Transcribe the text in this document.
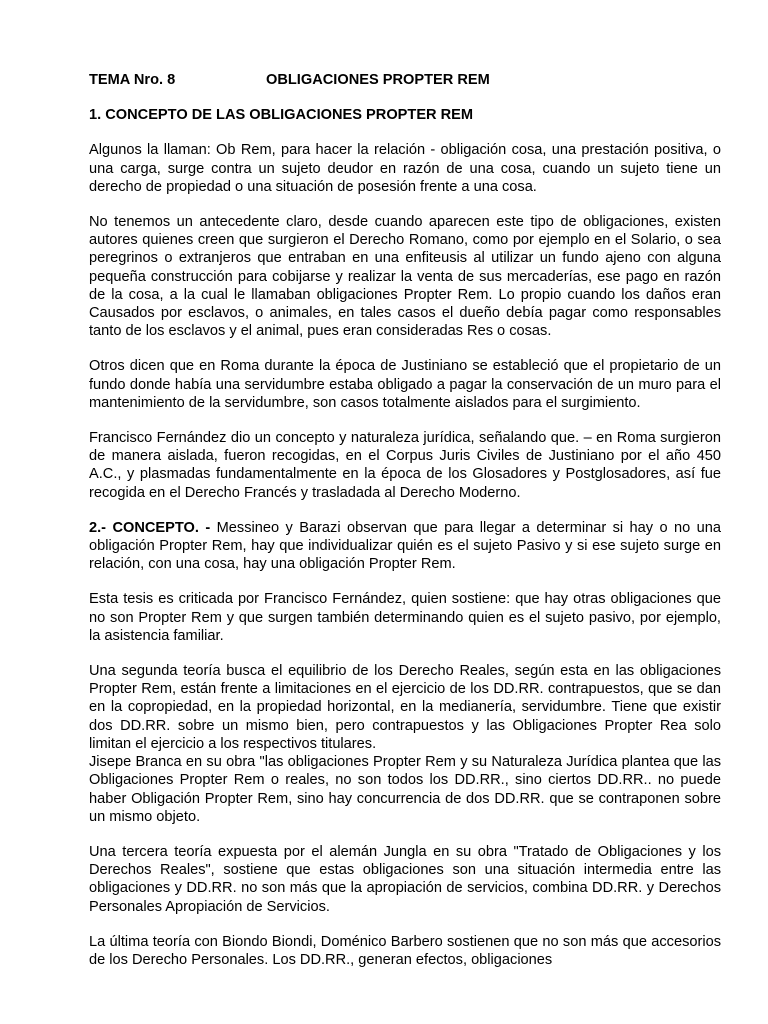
TEMA Nro. 8	OBLIGACIONES PROPTER REM
1. CONCEPTO DE LAS OBLIGACIONES PROPTER REM

Algunos la llaman: Ob Rem, para hacer la relación - obligación cosa, una prestación positiva, o una carga, surge contra un sujeto deudor en razón de una cosa, cuando un sujeto tiene un derecho de propiedad o una situación de posesión frente a una cosa.

No tenemos un antecedente claro, desde cuando aparecen este tipo de obligaciones, existen autores quienes creen que surgieron el Derecho Romano, como por ejemplo en el Solario, o sea peregrinos o extranjeros que entraban en una enfiteusis al utilizar un fundo ajeno con alguna pequeña construcción para cobijarse y realizar la venta de sus mercaderías, ese pago en razón de la cosa, a la cual le llamaban obligaciones Propter Rem. Lo propio cuando los daños eran Causados por esclavos, o animales, en tales casos el dueño debía pagar como responsables tanto de los esclavos y el animal, pues eran consideradas Res o cosas.

Otros dicen que en Roma durante la época de Justiniano se estableció que el propietario de un fundo donde había una servidumbre estaba obligado a pagar la conservación de un muro para el mantenimiento de la servidumbre, son casos totalmente aislados para el surgimiento.

Francisco Fernández dio un concepto y naturaleza jurídica, señalando que. – en Roma surgieron de manera aislada, fueron recogidas, en el Corpus Juris Civiles de Justiniano por el año 450 A.C., y plasmadas fundamentalmente en la época de los Glosadores y Postglosadores, así fue recogida en el Derecho Francés y trasladada al Derecho Moderno.

2.- CONCEPTO. - Messineo y Barazi observan que para llegar a determinar si hay o no una obligación Propter Rem, hay que individualizar quién es el sujeto Pasivo y si ese sujeto surge en relación, con una cosa, hay una obligación Propter Rem.

Esta tesis es criticada por Francisco Fernández, quien sostiene: que hay otras obligaciones que no son Propter Rem y que surgen también determinando quien es el sujeto pasivo, por ejemplo, la asistencia familiar.

Una segunda teoría busca el equilibrio de los Derecho Reales, según esta en las obligaciones Propter Rem, están frente a limitaciones en el ejercicio de los DD.RR. contrapuestos, que se dan en la copropiedad, en la propiedad horizontal, en la medianería, servidumbre. Tiene que existir dos DD.RR. sobre un mismo bien, pero contrapuestos y las Obligaciones Propter Rea solo limitan el ejercicio a los respectivos titulares.

Jisepe Branca en su obra "las obligaciones Propter Rem y su Naturaleza Jurídica plantea que las Obligaciones Propter Rem o reales, no son todos los DD.RR., sino ciertos DD.RR.. no puede haber Obligación Propter Rem, sino hay concurrencia de dos DD.RR. que se contraponen sobre un mismo objeto.

Una tercera teoría expuesta por el alemán Jungla en su obra "Tratado de Obligaciones y los Derechos Reales", sostiene que estas obligaciones son una situación intermedia entre las obligaciones y DD.RR. no son más que la apropiación de servicios, combina DD.RR. y Derechos Personales Apropiación de Servicios.

La última teoría con Biondo Biondi, Doménico Barbero sostienen que no son más que accesorios de los Derecho Personales. Los DD.RR., generan efectos, obligaciones
